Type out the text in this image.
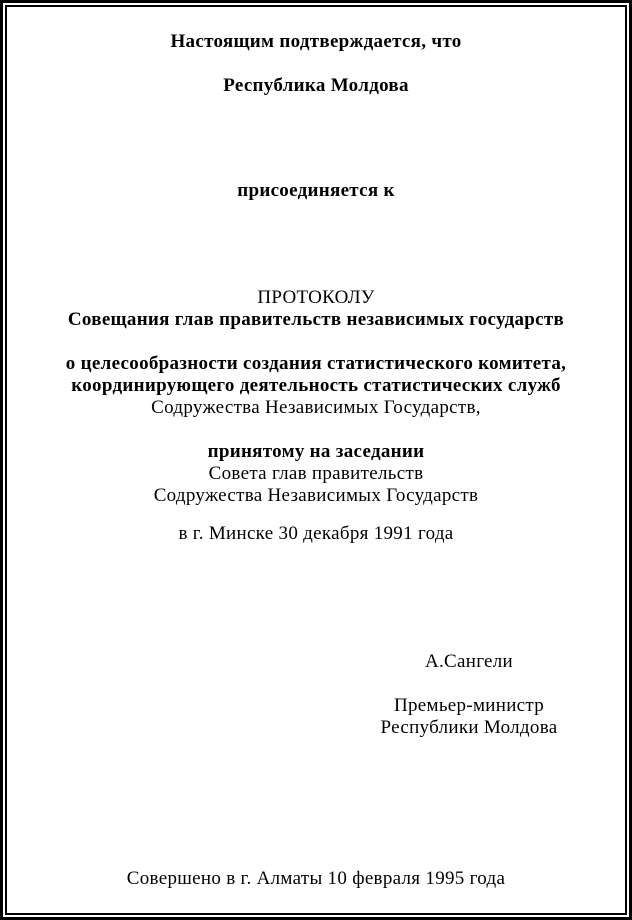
Настоящим подтверждается, что
Республика Молдова
присоединяется к
ПРОТОКОЛУ
Совещания глав правительств независимых государств
о целесообразности создания статистического комитета,
координирующего деятельность статистических служб
Содружества Независимых Государств,
принятому на заседании
Совета глав правительств
Содружества Независимых Государств
в г. Минске 30 декабря 1991 года
А.Сангели
Премьер-министр
Республики Молдова
Совершено в г. Алматы 10 февраля 1995 года
